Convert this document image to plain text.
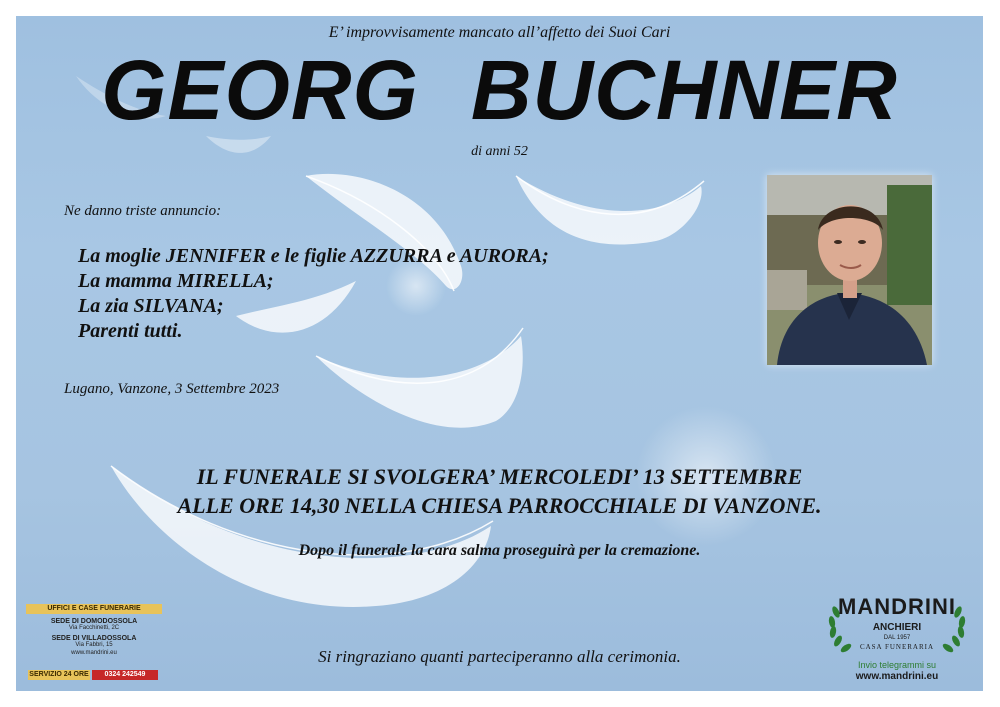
E’ improvvisamente mancato all’affetto dei Suoi Cari
GEORG BUCHNER
di anni 52
Ne danno triste annuncio:
La moglie JENNIFER e le figlie AZZURRA e AURORA;
La mamma MIRELLA;
La zia SILVANA;
Parenti tutti.
Lugano, Vanzone, 3 Settembre 2023
IL FUNERALE SI SVOLGERA’ MERCOLEDI’ 13 SETTEMBRE
ALLE ORE 14,30 NELLA CHIESA PARROCCHIALE DI VANZONE.
Dopo il funerale la cara salma proseguirà per la cremazione.
Si ringraziano quanti parteciperanno alla cerimonia.
UFFICI E CASE FUNERARIE
SEDE DI DOMODOSSOLA
Via Facchinetti, 2C
SEDE DI VILLADOSSOLA
Via Fabbri, 15
www.mandrini.eu
SERVIZIO 24 ORE	0324 242549
MANDRINI
ANCHIERI
DAL 1957
CASA FUNERARIA
Invio telegrammi su
www.mandrini.eu
